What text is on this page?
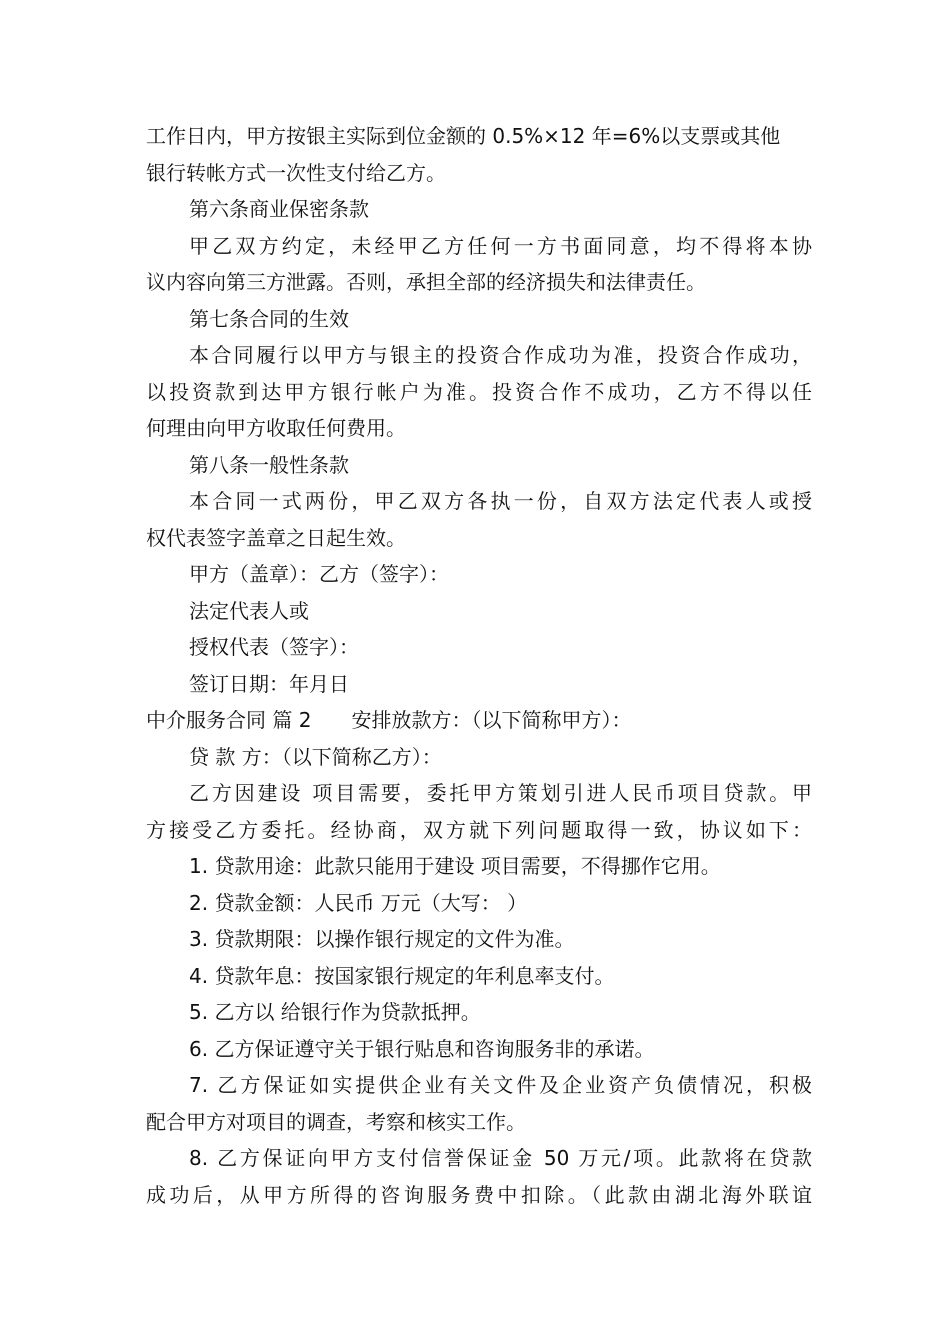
工作日内，甲方按银主实际到位金额的 0.5%×12 年=6%以支票或其他
银行转帐方式一次性支付给乙方。
第六条商业保密条款
甲乙双方约定，未经甲乙方任何一方书面同意，均不得将本协
议内容向第三方泄露。否则，承担全部的经济损失和法律责任。
第七条合同的生效
本合同履行以甲方与银主的投资合作成功为准，投资合作成功，
以投资款到达甲方银行帐户为准。投资合作不成功，乙方不得以任
何理由向甲方收取任何费用。
第八条一般性条款
本合同一式两份，甲乙双方各执一份，自双方法定代表人或授
权代表签字盖章之日起生效。
甲方（盖章）：乙方（签字）：
法定代表人或
授权代表（签字）：
签订日期：年月日
中介服务合同 篇 2　　安排放款方：（以下简称甲方）：
贷 款 方：（以下简称乙方）：
乙方因建设 项目需要，委托甲方策划引进人民币项目贷款。甲
方接受乙方委托。经协商，双方就下列问题取得一致，协议如下：
1. 贷款用途：此款只能用于建设 项目需要，不得挪作它用。
2. 贷款金额：人民币 万元（大写： ）
3. 贷款期限：以操作银行规定的文件为准。
4. 贷款年息：按国家银行规定的年利息率支付。
5. 乙方以 给银行作为贷款抵押。
6. 乙方保证遵守关于银行贴息和咨询服务非的承诺。
7. 乙方保证如实提供企业有关文件及企业资产负债情况，积极
配合甲方对项目的调查，考察和核实工作。
8. 乙方保证向甲方支付信誉保证金 50 万元/项。此款将在贷款
成功后，从甲方所得的咨询服务费中扣除。（此款由湖北海外联谊
